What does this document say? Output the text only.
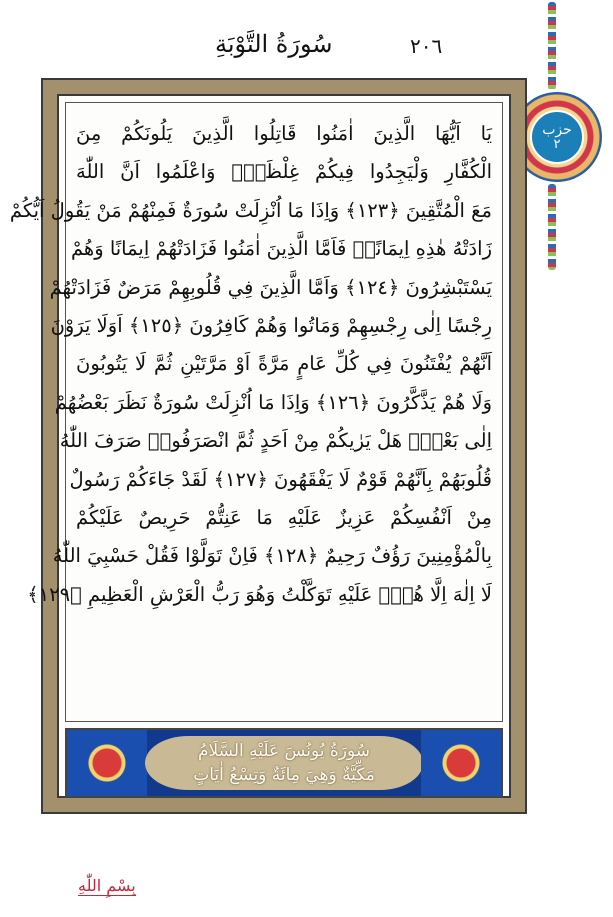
٢٠٦
سُورَةُ التَّوْبَةِ
حزب
٢
يَا اَيُّهَا الَّذِينَ اٰمَنُوا قَاتِلُوا الَّذِينَ يَلُونَكُمْ مِنَ
الْكُفَّارِ وَلْيَجِدُوا فِيكُمْ غِلْظَةًۜ وَاعْلَمُوا اَنَّ اللّٰهَ
مَعَ الْمُتَّقِينَ ﴿١٢٣﴾ وَاِذَا مَا اُنْزِلَتْ سُورَةٌ فَمِنْهُمْ مَنْ يَقُولُ اَيُّكُمْ
زَادَتْهُ هٰذِهِ اِيمَانًاۚ فَاَمَّا الَّذِينَ اٰمَنُوا فَزَادَتْهُمْ اِيمَانًا وَهُمْ
يَسْتَبْشِرُونَ ﴿١٢٤﴾ وَاَمَّا الَّذِينَ فِي قُلُوبِهِمْ مَرَضٌ فَزَادَتْهُمْ
رِجْسًا اِلٰى رِجْسِهِمْ وَمَاتُوا وَهُمْ كَافِرُونَ ﴿١٢٥﴾ اَوَلَا يَرَوْنَ
اَنَّهُمْ يُفْتَنُونَ فِي كُلِّ عَامٍ مَرَّةً اَوْ مَرَّتَيْنِ ثُمَّ لَا يَتُوبُونَ
وَلَا هُمْ يَذَّكَّرُونَ ﴿١٢٦﴾ وَاِذَا مَا اُنْزِلَتْ سُورَةٌ نَظَرَ بَعْضُهُمْ
اِلٰى بَعْضٍۜ هَلْ يَرٰيكُمْ مِنْ اَحَدٍ ثُمَّ انْصَرَفُواۜ صَرَفَ اللّٰهُ
قُلُوبَهُمْ بِاَنَّهُمْ قَوْمٌ لَا يَفْقَهُونَ ﴿١٢٧﴾ لَقَدْ جَاءَكُمْ رَسُولٌ
مِنْ اَنْفُسِكُمْ عَزِيزٌ عَلَيْهِ مَا عَنِتُّمْ حَرِيصٌ عَلَيْكُمْ
بِالْمُؤْمِنِينَ رَؤُفٌ رَحِيمٌ ﴿١٢٨﴾ فَاِنْ تَوَلَّوْا فَقُلْ حَسْبِيَ اللّٰهُ
لَا اِلٰهَ اِلَّا هُوَۜ عَلَيْهِ تَوَكَّلْتُ وَهُوَ رَبُّ الْعَرْشِ الْعَظِيمِ ﴿١٢٩﴾
سُورَةُ يُونُسَ عَلَيْهِ السَّلَامُ
مَكِّيَّةٌ وَهِيَ مِائَةٌ وَتِسْعُ اٰيَاتٍ
بِسْمِ اللّٰهِ
